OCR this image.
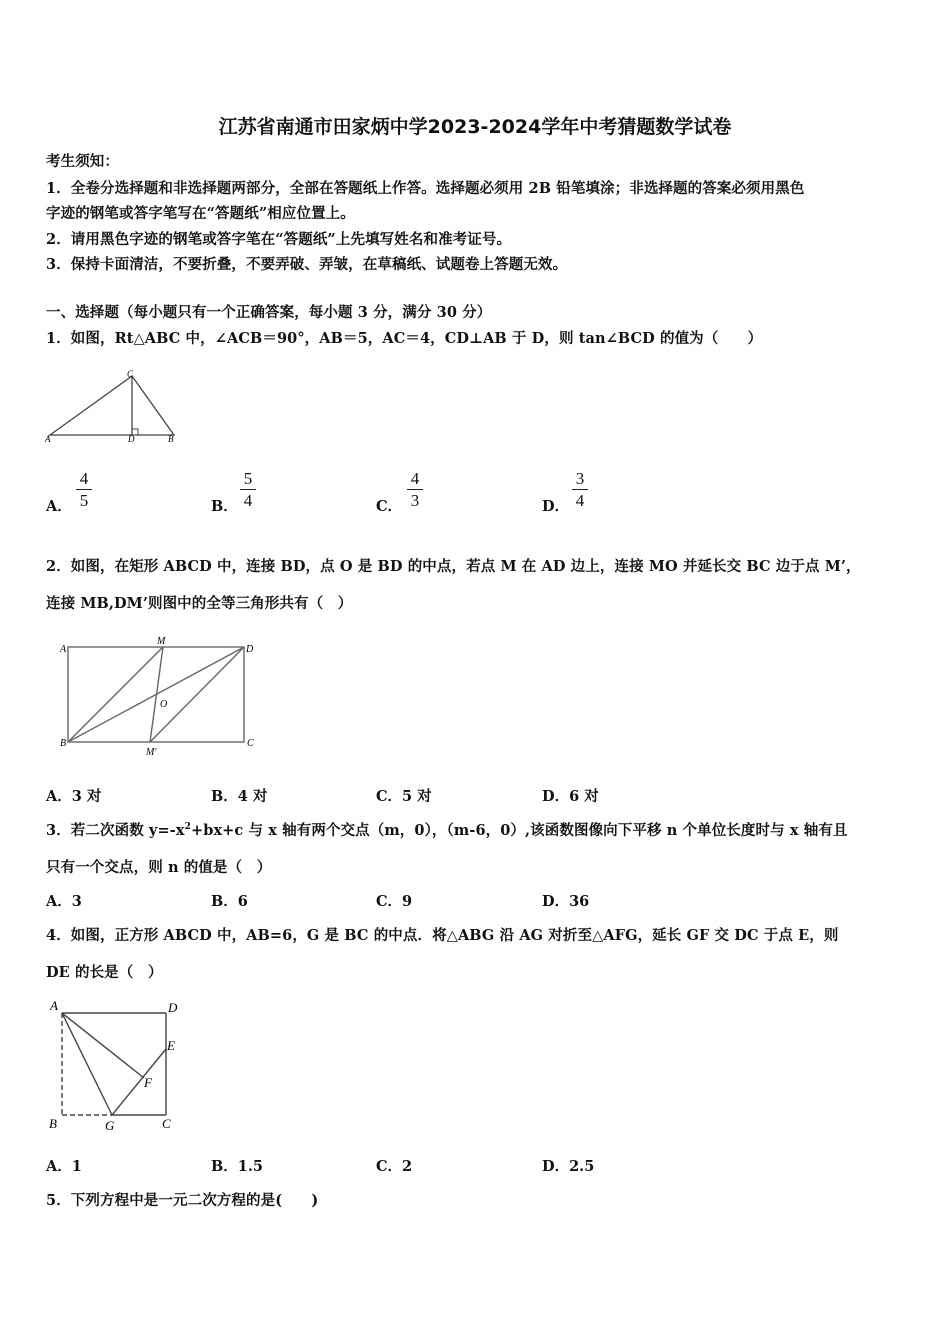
江苏省南通市田家炳中学2023-2024学年中考猜题数学试卷
考生须知：
1．全卷分选择题和非选择题两部分，全部在答题纸上作答。选择题必须用 2B 铅笔填涂；非选择题的答案必须用黑色
字迹的钢笔或答字笔写在“答题纸”相应位置上。
2．请用黑色字迹的钢笔或答字笔在“答题纸”上先填写姓名和准考证号。
3．保持卡面清洁，不要折叠，不要弄破、弄皱，在草稿纸、试题卷上答题无效。
一、选择题（每小题只有一个正确答案，每小题 3 分，满分 30 分）
1．如图，Rt△ABC 中，∠ACB＝90°，AB＝5，AC＝4，CD⊥AB 于 D，则 tan∠BCD 的值为（　　）
C
A	D	B
A．
4
5	B．
5
4	C．
4
3	D．
3
4
2．如图，在矩形 ABCD 中，连接 BD，点 O 是 BD 的中点，若点 M 在 AD 边上，连接 MO 并延长交 BC 边于点 M’，
连接 MB,DM’则图中的全等三角形共有（　）
A
M
D
O
B
M'
C
A．3 对	B．4 对	C．5 对	D．6 对
3．若二次函数 $y=-x^2+bx+c$ 与 x 轴有两个交点（m，0），（m-6，0）,该函数图像向下平移 n 个单位长度时与 x 轴有且
只有一个交点，则 n 的值是（　）
A．3	B．6	C．9	D．36
4．如图，正方形 ABCD 中，AB=6，G 是 BC 的中点．将△ABG 沿 AG 对折至△AFG，延长 GF 交 DC 于点 E，则
DE 的长是（　）
A	D
E
F
B	G	C
A．1	B．1.5	C．2	D．2.5
5．下列方程中是一元二次方程的是(　　)
